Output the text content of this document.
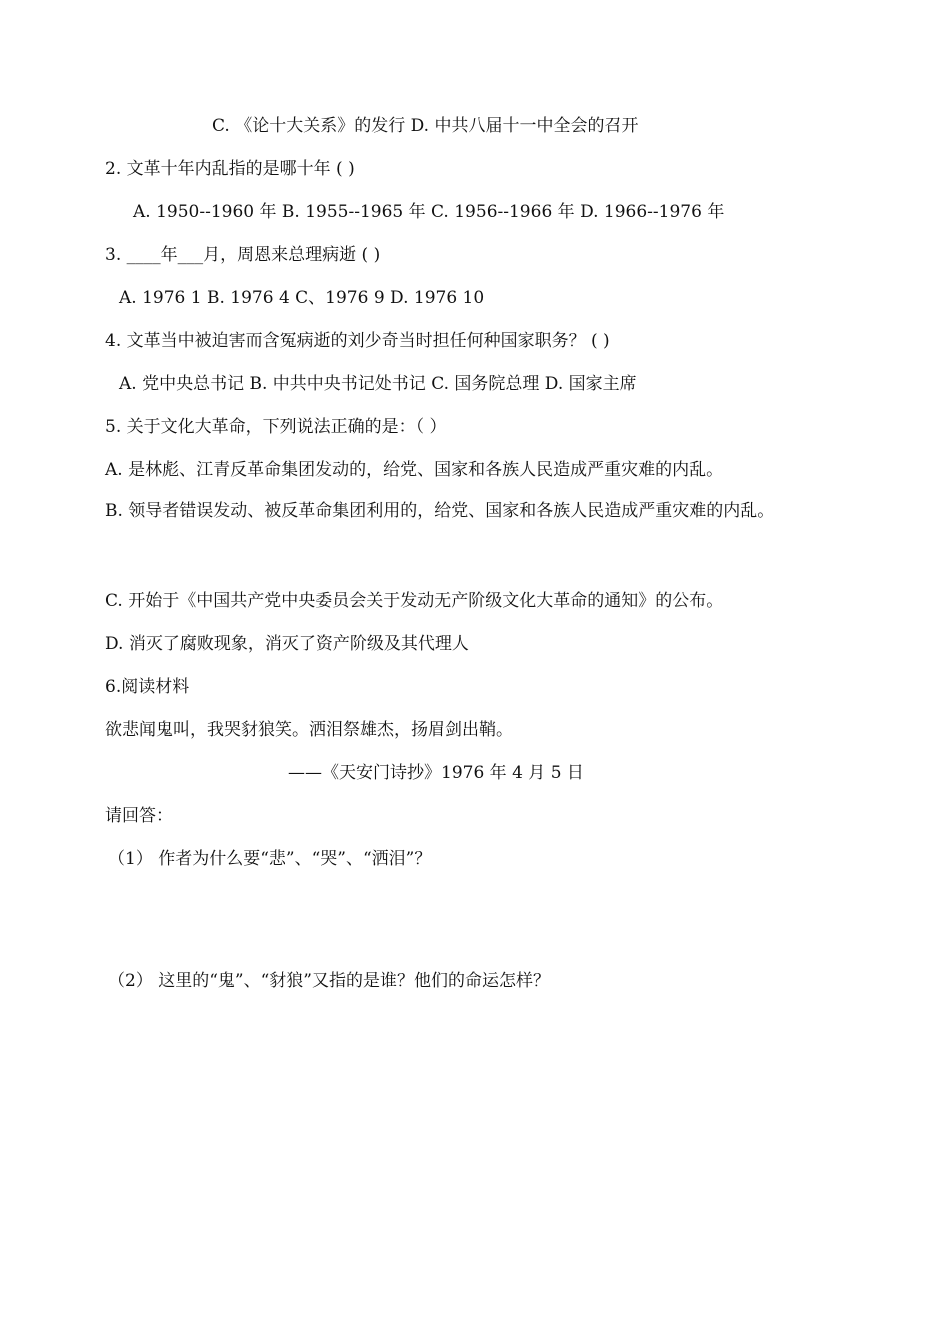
C. 《论十大关系》的发行 D. 中共八届十一中全会的召开
2. 文革十年内乱指的是哪十年 ( )
A. 1950--1960 年 B. 1955--1965 年 C. 1956--1966 年 D. 1966--1976 年
3. ____年___月，周恩来总理病逝 ( )
A. 1976 1 B. 1976 4 C、1976 9 D. 1976 10
4. 文革当中被迫害而含冤病逝的刘少奇当时担任何种国家职务？ ( )
A. 党中央总书记 B. 中共中央书记处书记 C. 国务院总理 D. 国家主席
5. 关于文化大革命，下列说法正确的是：（ ）
A. 是林彪、江青反革命集团发动的，给党、国家和各族人民造成严重灾难的内乱。
B. 领导者错误发动、被反革命集团利用的，给党、国家和各族人民造成严重灾难的内乱。
C. 开始于《中国共产党中央委员会关于发动无产阶级文化大革命的通知》的公布。
D. 消灭了腐败现象，消灭了资产阶级及其代理人
6.阅读材料
欲悲闻鬼叫，我哭豺狼笑。洒泪祭雄杰，扬眉剑出鞘。
——《天安门诗抄》1976 年 4 月 5 日
请回答：
（1） 作者为什么要“悲”、“哭”、“洒泪”？
（2） 这里的“鬼”、“豺狼”又指的是谁？他们的命运怎样？
